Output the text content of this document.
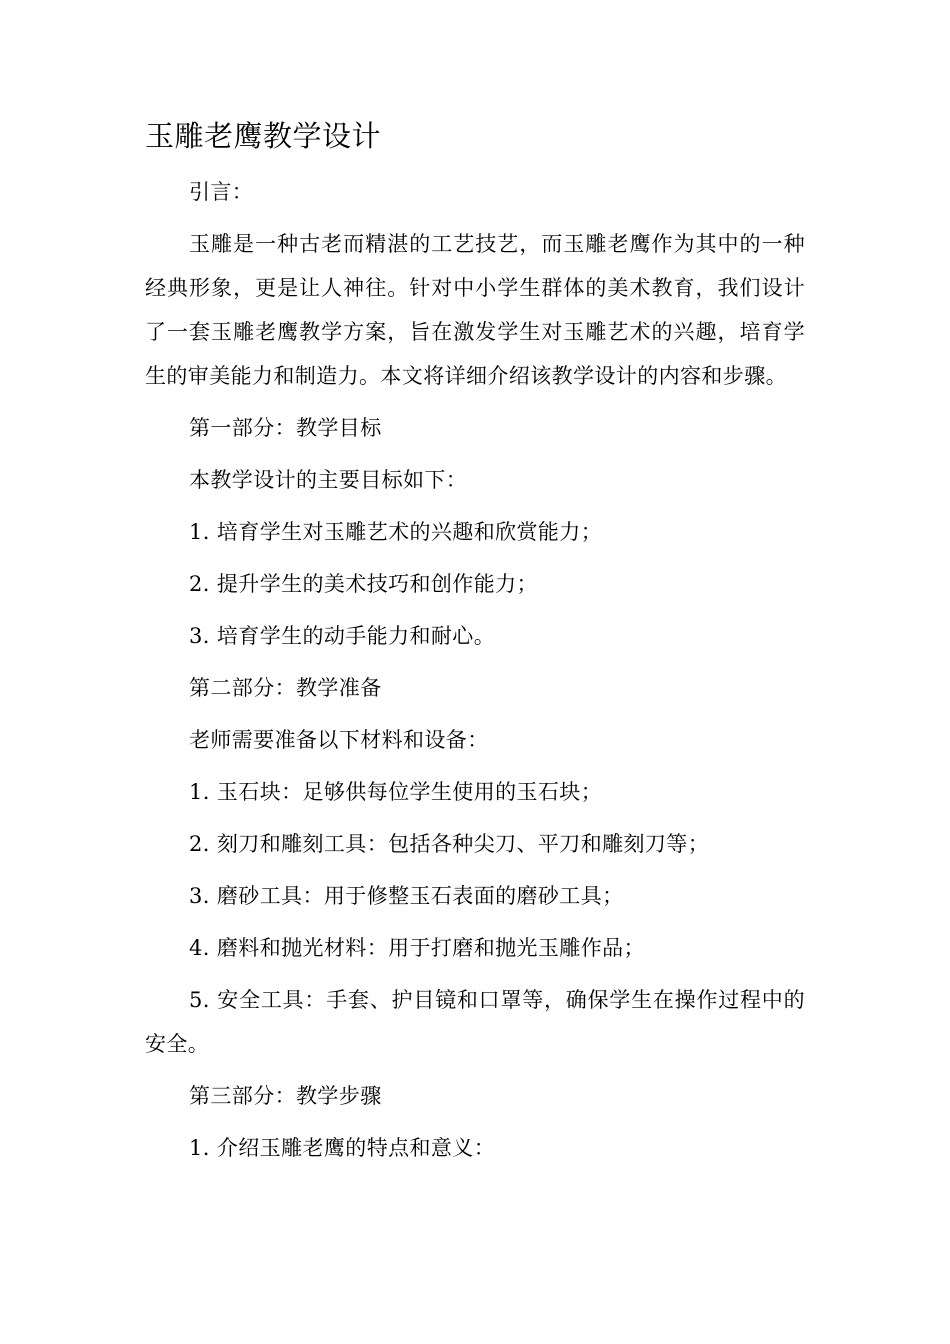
玉雕老鹰教学设计

引言：

玉雕是一种古老而精湛的工艺技艺，而玉雕老鹰作为其中的一种经典形象，更是让人神往。针对中小学生群体的美术教育，我们设计了一套玉雕老鹰教学方案，旨在激发学生对玉雕艺术的兴趣，培育学生的审美能力和制造力。本文将详细介绍该教学设计的内容和步骤。

第一部分：教学目标

本教学设计的主要目标如下：

1. 培育学生对玉雕艺术的兴趣和欣赏能力；

2. 提升学生的美术技巧和创作能力；

3. 培育学生的动手能力和耐心。

第二部分：教学准备

老师需要准备以下材料和设备：

1. 玉石块：足够供每位学生使用的玉石块；

2. 刻刀和雕刻工具：包括各种尖刀、平刀和雕刻刀等；

3. 磨砂工具：用于修整玉石表面的磨砂工具；

4. 磨料和抛光材料：用于打磨和抛光玉雕作品；

5. 安全工具：手套、护目镜和口罩等，确保学生在操作过程中的安全。

第三部分：教学步骤

1. 介绍玉雕老鹰的特点和意义：
